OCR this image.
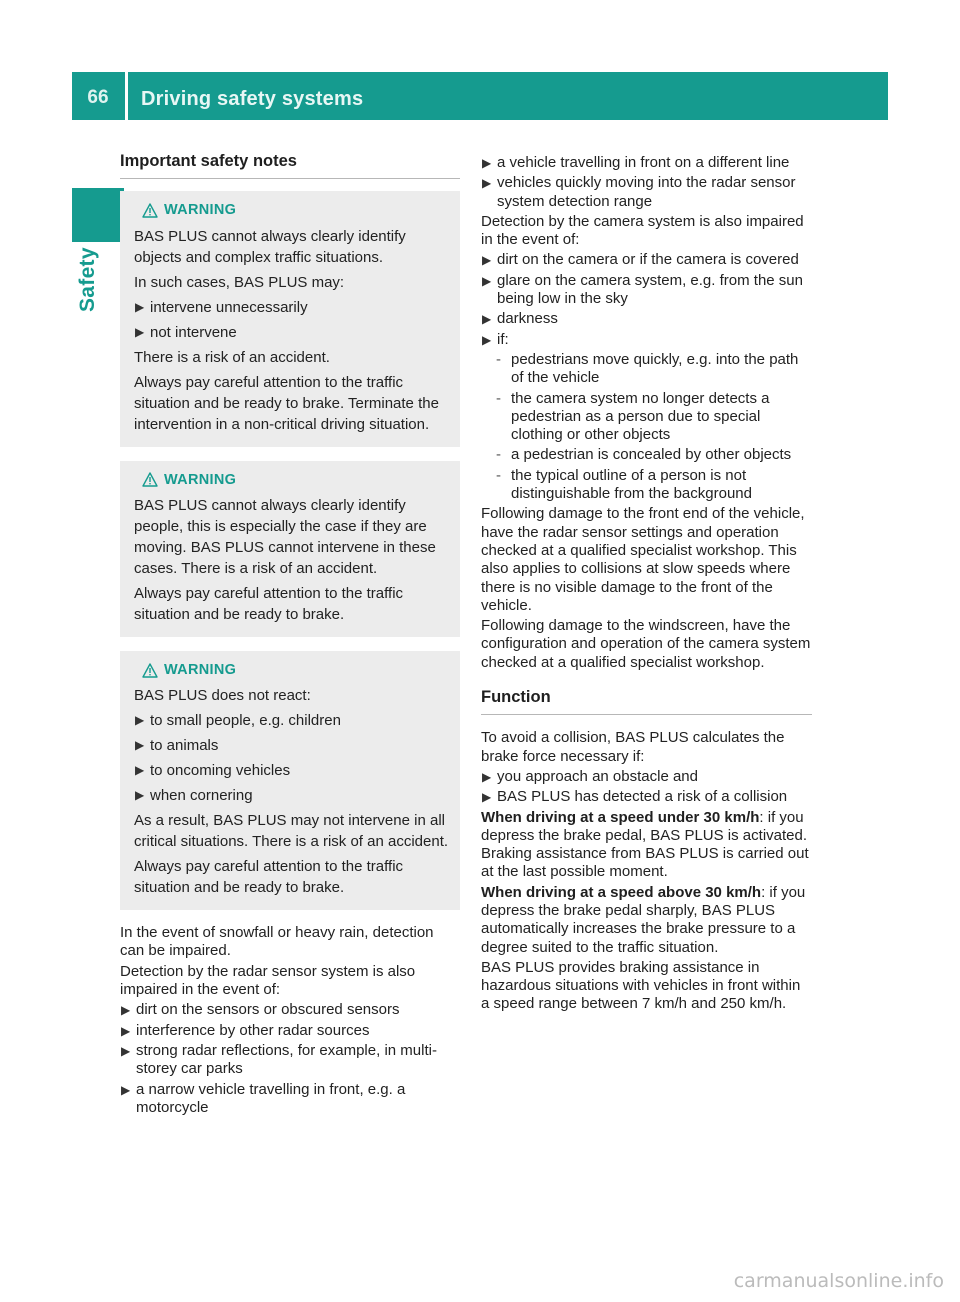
66	Driving safety systems
Safety
Important safety notes
WARNING

BAS PLUS cannot always clearly identify objects and complex traffic situations.

In such cases, BAS PLUS may:

▶ intervene unnecessarily
▶ not intervene

There is a risk of an accident.

Always pay careful attention to the traffic situation and be ready to brake. Terminate the intervention in a non-critical driving situation.

WARNING

BAS PLUS cannot always clearly identify people, this is especially the case if they are moving. BAS PLUS cannot intervene in these cases. There is a risk of an accident.

Always pay careful attention to the traffic situation and be ready to brake.

WARNING

BAS PLUS does not react:

▶ to small people, e.g. children
▶ to animals
▶ to oncoming vehicles
▶ when cornering

As a result, BAS PLUS may not intervene in all critical situations. There is a risk of an accident.

Always pay careful attention to the traffic situation and be ready to brake.

In the event of snowfall or heavy rain, detection can be impaired.

Detection by the radar sensor system is also impaired in the event of:

▶ dirt on the sensors or obscured sensors
▶ interference by other radar sources
▶ strong radar reflections, for example, in multi-storey car parks
▶ a narrow vehicle travelling in front, e.g. a motorcycle
▶ a vehicle travelling in front on a different line
▶ vehicles quickly moving into the radar sensor system detection range

Detection by the camera system is also impaired in the event of:

▶ dirt on the camera or if the camera is covered
▶ glare on the camera system, e.g. from the sun being low in the sky
▶ darkness
▶ if:
- pedestrians move quickly, e.g. into the path of the vehicle
- the camera system no longer detects a pedestrian as a person due to special clothing or other objects
- a pedestrian is concealed by other objects
- the typical outline of a person is not distinguishable from the background

Following damage to the front end of the vehicle, have the radar sensor settings and operation checked at a qualified specialist workshop. This also applies to collisions at slow speeds where there is no visible damage to the front of the vehicle.

Following damage to the windscreen, have the configuration and operation of the camera system checked at a qualified specialist workshop.

Function

To avoid a collision, BAS PLUS calculates the brake force necessary if:

▶ you approach an obstacle and
▶ BAS PLUS has detected a risk of a collision

When driving at a speed under 30 km/h: if you depress the brake pedal, BAS PLUS is activated. Braking assistance from BAS PLUS is carried out at the last possible moment.

When driving at a speed above 30 km/h: if you depress the brake pedal sharply, BAS PLUS automatically increases the brake pressure to a degree suited to the traffic situation.

BAS PLUS provides braking assistance in hazardous situations with vehicles in front within a speed range between 7 km/h and 250 km/h.

carmanualsonline.info
